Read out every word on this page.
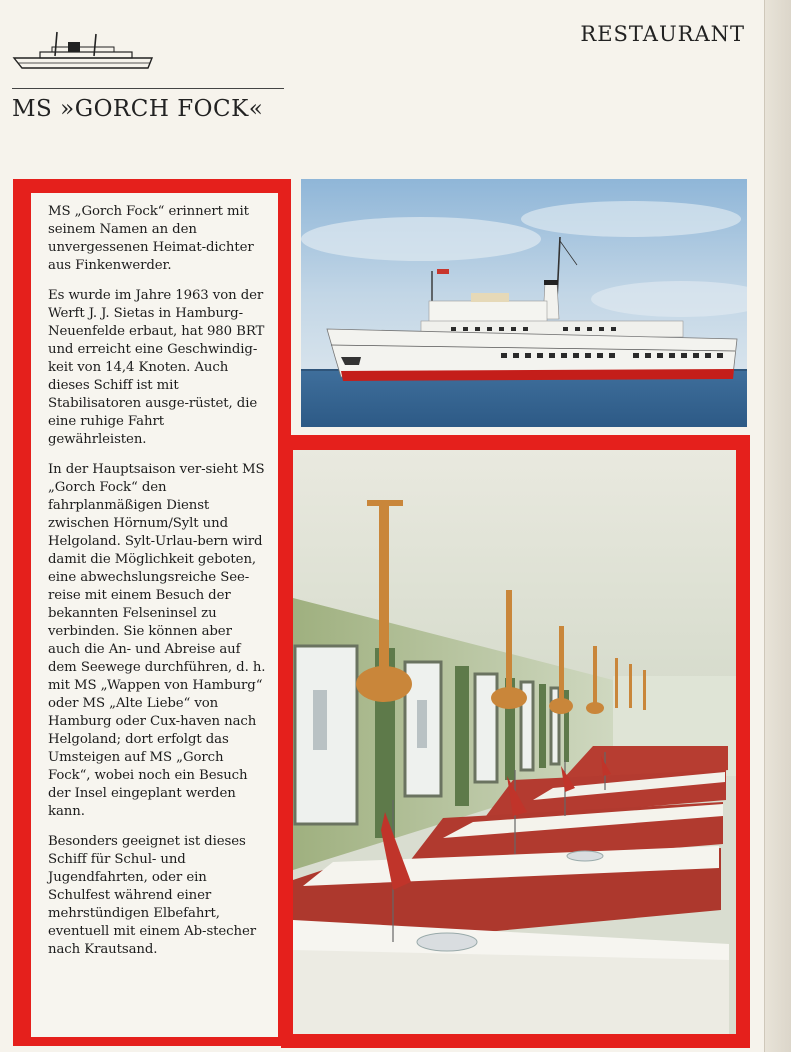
RESTAURANT
MS »GORCH FOCK«

MS „Gorch Fock“ erinnert mit seinem Namen an den unvergessenen Heimat-dichter aus Finkenwerder.

Es wurde im Jahre 1963 von der Werft J. J. Sietas in Hamburg-Neuenfelde erbaut, hat 980 BRT und erreicht eine Geschwindig-keit von 14,4 Knoten. Auch dieses Schiff ist mit Stabilisatoren ausge-rüstet, die eine ruhige Fahrt gewährleisten.

In der Hauptsaison ver-sieht MS „Gorch Fock“ den fahrplanmäßigen Dienst zwischen Hörnum/Sylt und Helgoland. Sylt-Urlau-bern wird damit die Möglichkeit geboten, eine abwechslungsreiche See-reise mit einem Besuch der bekannten Felseninsel zu verbinden. Sie können aber auch die An- und Abreise auf dem Seewege durchführen, d. h. mit MS „Wappen von Hamburg“ oder MS „Alte Liebe“ von Hamburg oder Cux-haven nach Helgoland; dort erfolgt das Umsteigen auf MS „Gorch Fock“, wobei noch ein Besuch der Insel eingeplant werden kann.

Besonders geeignet ist dieses Schiff für Schul- und Jugendfahrten, oder ein Schulfest während einer mehrstündigen Elbefahrt, eventuell mit einem Ab-stecher nach Krautsand.
